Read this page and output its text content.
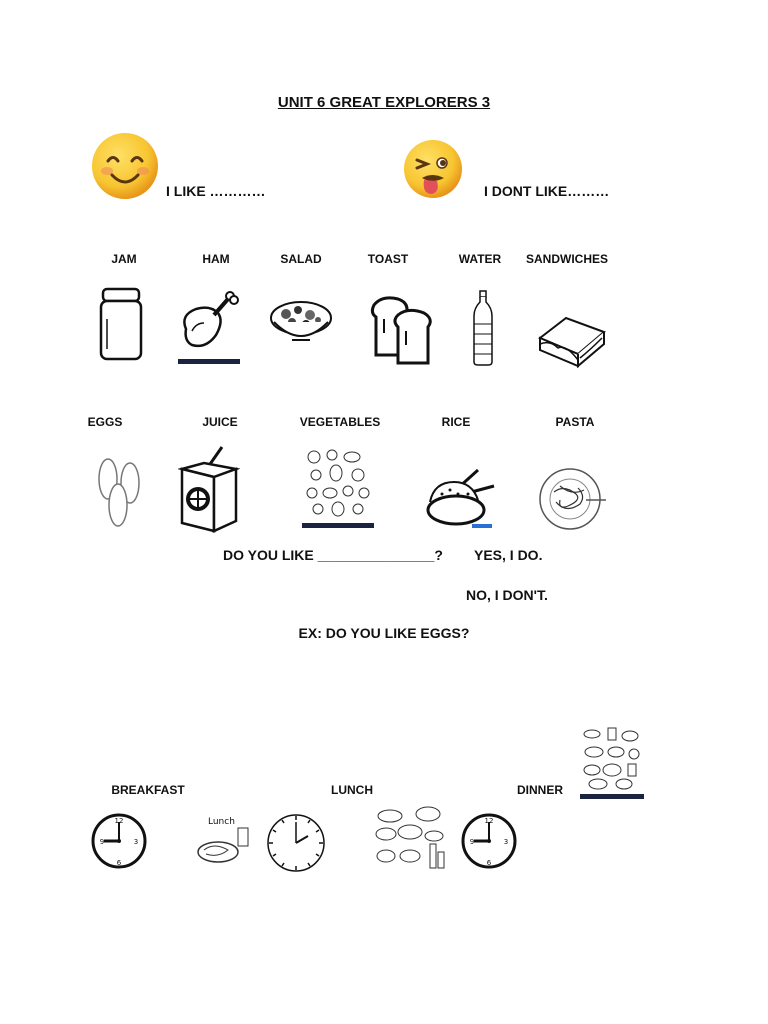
UNIT 6 GREAT EXPLORERS 3
I LIKE …………	I DONT LIKE………
JAM	HAM	SALAD	TOAST	WATER	SANDWICHES
EGGS	JUICE	VEGETABLES	RICE	PASTA
DO YOU LIKE _______________? YES, I DO.
NO, I DON'T.
EX: DO YOU LIKE EGGS?
BREAKFAST	LUNCH	DINNER
12
3
6
9
Lunch	12
3
6
9
